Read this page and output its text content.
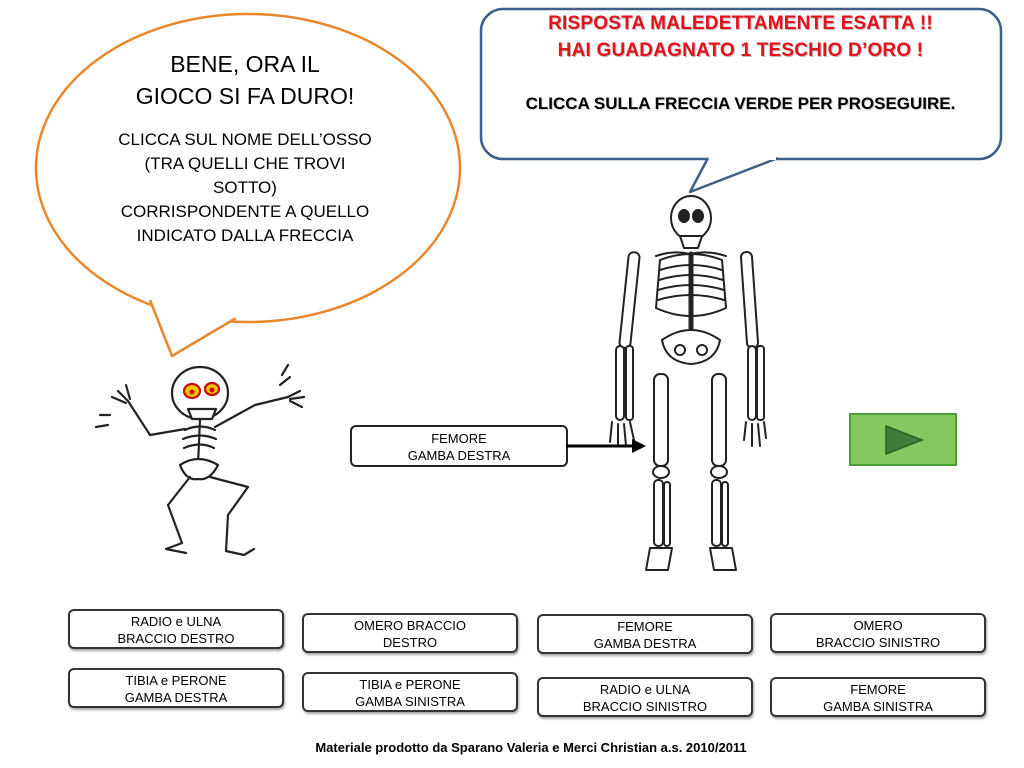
BENE, ORA IL
GIOCO SI FA DURO!
CLICCA SUL NOME DELL’OSSO
(TRA QUELLI CHE TROVI
SOTTO)
CORRISPONDENTE A QUELLO
INDICATO DALLA FRECCIA
RISPOSTA MALEDETTAMENTE ESATTA !!
HAI GUADAGNATO 1 TESCHIO D’ORO !
CLICCA SULLA FRECCIA VERDE PER PROSEGUIRE.
FEMORE
GAMBA DESTRA
RADIO e ULNA
BRACCIO DESTRO
OMERO BRACCIO
DESTRO
FEMORE
GAMBA DESTRA
OMERO
BRACCIO SINISTRO
TIBIA e PERONE
GAMBA DESTRA
TIBIA e PERONE
GAMBA SINISTRA
RADIO e ULNA
BRACCIO SINISTRO
FEMORE
GAMBA SINISTRA
Materiale prodotto da Sparano Valeria e Merci Christian a.s. 2010/2011
